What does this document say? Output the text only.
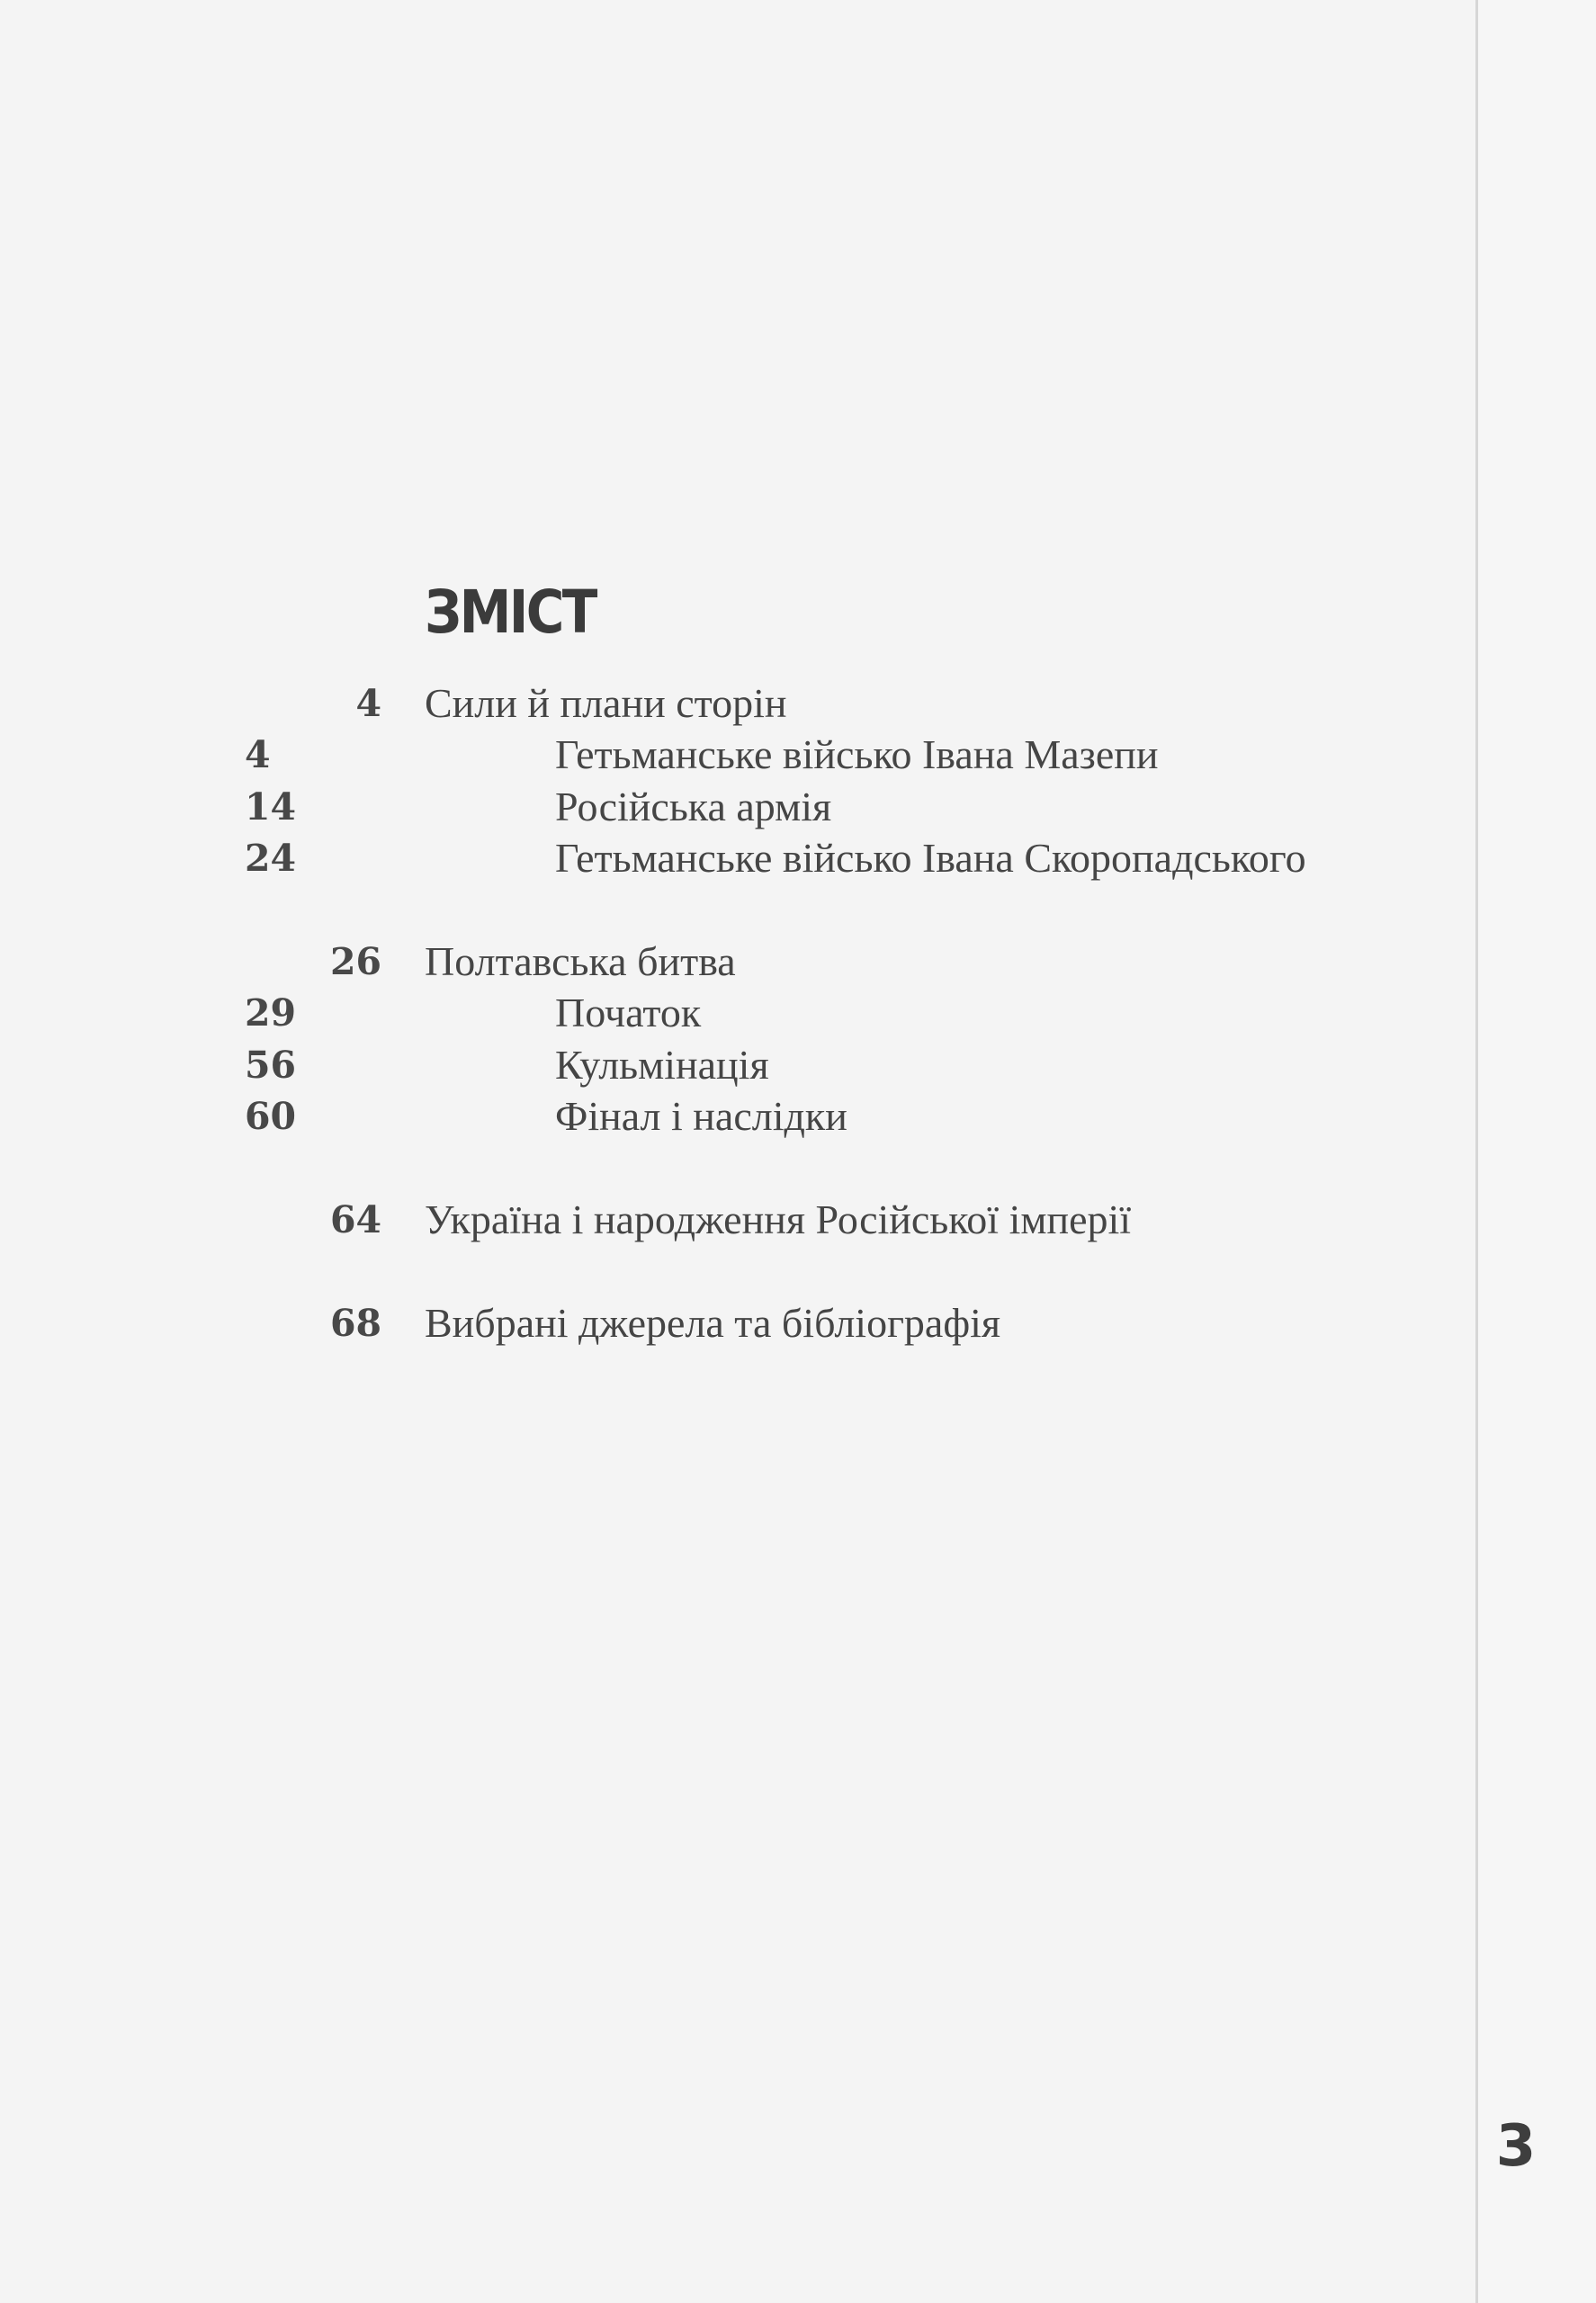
ЗМІСТ
4 Сили й плани сторін
4	Гетьманське військо Івана Мазепи
14	Російська армія
24	Гетьманське військо Івана Скоропадського
26 Полтавська битва
29	Початок
56	Кульмінація
60	Фінал і наслідки
64 Україна і народження Російської імперії
68 Вибрані джерела та бібліографія
3
